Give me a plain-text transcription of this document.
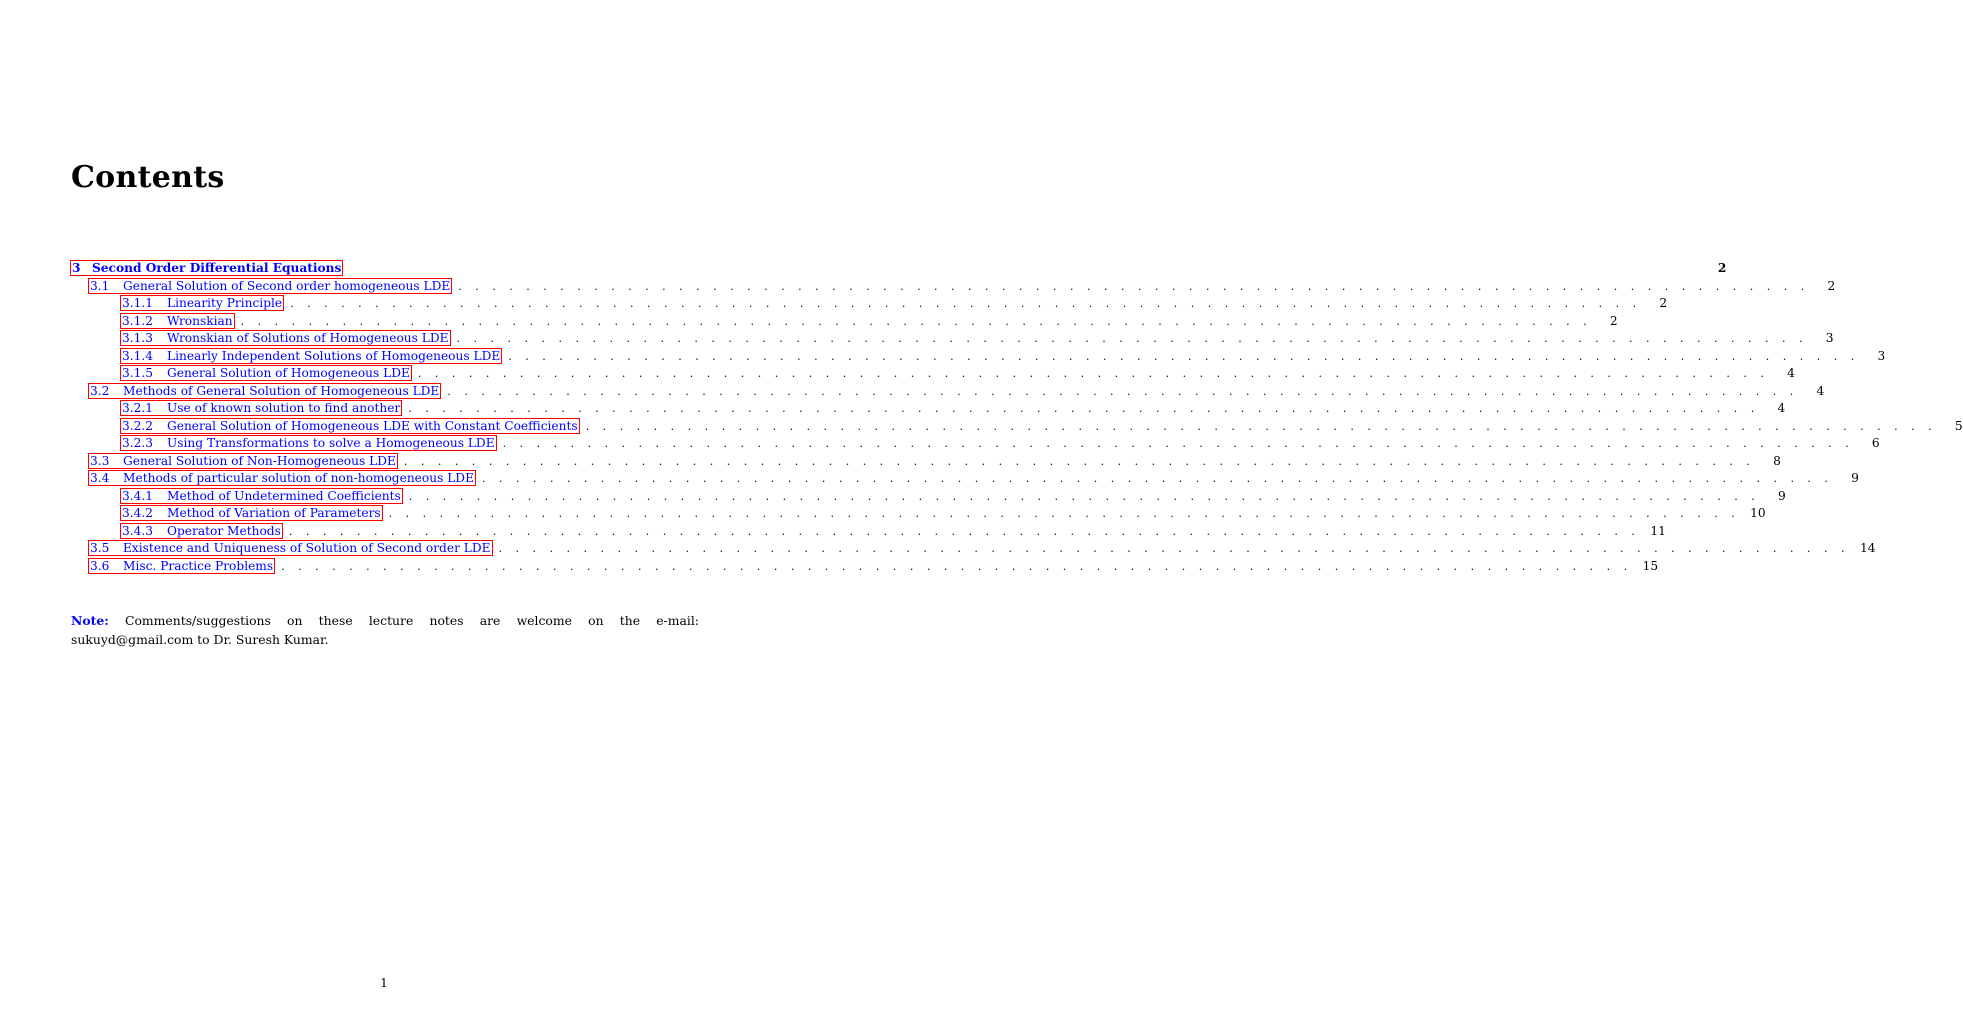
Contents
3 Second Order Differential Equations	2
3.1	General Solution of Second order homogeneous LDE . . . . . . . . . . . . . . . . . . . . . . . . . . . . . . . . . . . . . . . . . . . . . . . . . . . . . . . . . . . . . . . . . . . . . . . . . . . . . . . .	2
3.1.1	Linearity Principle . . . . . . . . . . . . . . . . . . . . . . . . . . . . . . . . . . . . . . . . . . . . . . . . . . . . . . . . . . . . . . . . . . . . . . . . . . . . . . . .	2
3.1.2	Wronskian . . . . . . . . . . . . . . . . . . . . . . . . . . . . . . . . . . . . . . . . . . . . . . . . . . . . . . . . . . . . . . . . . . . . . . . . . . . . . . . .	2
3.1.3	Wronskian of Solutions of Homogeneous LDE . . . . . . . . . . . . . . . . . . . . . . . . . . . . . . . . . . . . . . . . . . . . . . . . . . . . . . . . . . . . . . . . . . . . . . . . . . . . . . . .	3
3.1.4	Linearly Independent Solutions of Homogeneous LDE . . . . . . . . . . . . . . . . . . . . . . . . . . . . . . . . . . . . . . . . . . . . . . . . . . . . . . . . . . . . . . . . . . . . . . . . . . . . . . . .	3
3.1.5	General Solution of Homogeneous LDE . . . . . . . . . . . . . . . . . . . . . . . . . . . . . . . . . . . . . . . . . . . . . . . . . . . . . . . . . . . . . . . . . . . . . . . . . . . . . . . .	4
3.2	Methods of General Solution of Homogeneous LDE . . . . . . . . . . . . . . . . . . . . . . . . . . . . . . . . . . . . . . . . . . . . . . . . . . . . . . . . . . . . . . . . . . . . . . . . . . . . . . . .	4
3.2.1	Use of known solution to find another . . . . . . . . . . . . . . . . . . . . . . . . . . . . . . . . . . . . . . . . . . . . . . . . . . . . . . . . . . . . . . . . . . . . . . . . . . . . . . . .	4
3.2.2	General Solution of Homogeneous LDE with Constant Coefficients . . . . . . . . . . . . . . . . . . . . . . . . . . . . . . . . . . . . . . . . . . . . . . . . . . . . . . . . . . . . . . . . . . . . . . . . . . . . . . . .	5
3.2.3	Using Transformations to solve a Homogeneous LDE . . . . . . . . . . . . . . . . . . . . . . . . . . . . . . . . . . . . . . . . . . . . . . . . . . . . . . . . . . . . . . . . . . . . . . . . . . . . . . . .	6
3.3	General Solution of Non-Homogeneous LDE . . . . . . . . . . . . . . . . . . . . . . . . . . . . . . . . . . . . . . . . . . . . . . . . . . . . . . . . . . . . . . . . . . . . . . . . . . . . . . . .	8
3.4	Methods of particular solution of non-homogeneous LDE . . . . . . . . . . . . . . . . . . . . . . . . . . . . . . . . . . . . . . . . . . . . . . . . . . . . . . . . . . . . . . . . . . . . . . . . . . . . . . . .	9
3.4.1	Method of Undetermined Coefficients . . . . . . . . . . . . . . . . . . . . . . . . . . . . . . . . . . . . . . . . . . . . . . . . . . . . . . . . . . . . . . . . . . . . . . . . . . . . . . . .	9
3.4.2	Method of Variation of Parameters . . . . . . . . . . . . . . . . . . . . . . . . . . . . . . . . . . . . . . . . . . . . . . . . . . . . . . . . . . . . . . . . . . . . . . . . . . . . . . . . 10
3.4.3	Operator Methods . . . . . . . . . . . . . . . . . . . . . . . . . . . . . . . . . . . . . . . . . . . . . . . . . . . . . . . . . . . . . . . . . . . . . . . . . . . . . . . . 11
3.5	Existence and Uniqueness of Solution of Second order LDE . . . . . . . . . . . . . . . . . . . . . . . . . . . . . . . . . . . . . . . . . . . . . . . . . . . . . . . . . . . . . . . . . . . . . . . . . . . . . . . . 14
3.6	Misc. Practice Problems . . . . . . . . . . . . . . . . . . . . . . . . . . . . . . . . . . . . . . . . . . . . . . . . . . . . . . . . . . . . . . . . . . . . . . . . . . . . . . . . 15
Note: Comments/suggestions on these lecture notes are welcome on the e-mail: sukuyd@gmail.com to Dr. Suresh Kumar.
1
